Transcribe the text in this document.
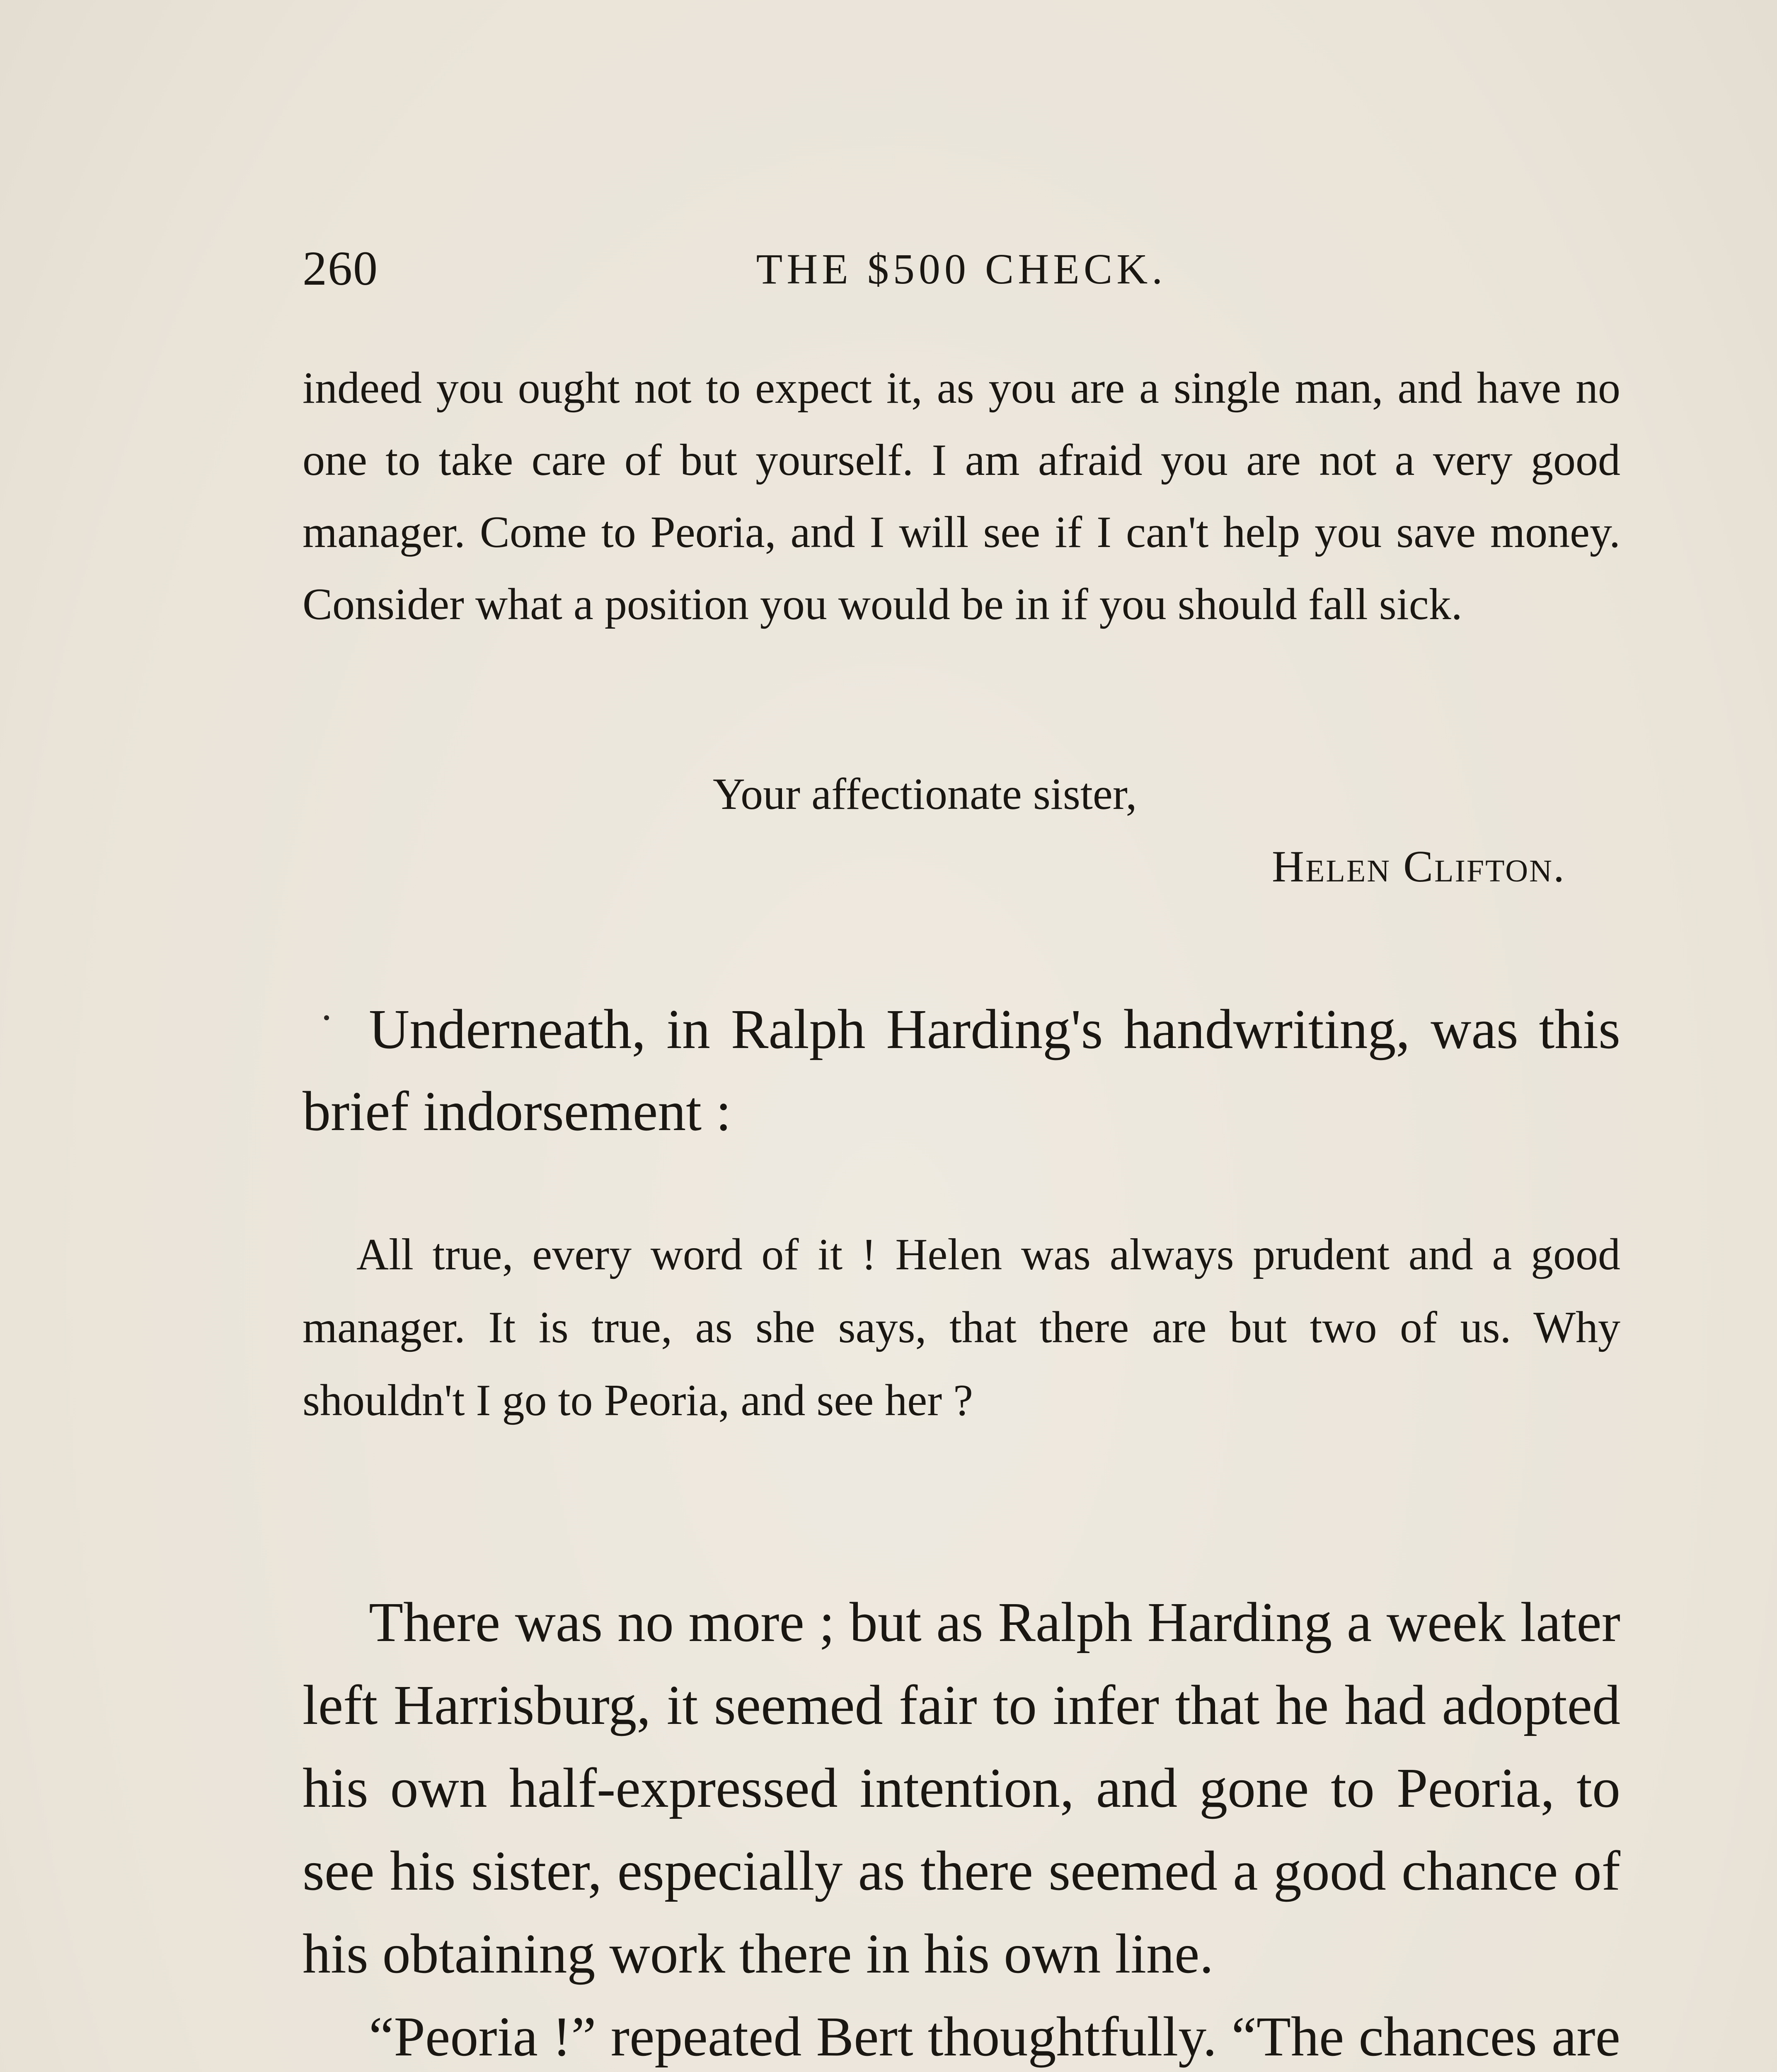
260	THE $500 CHECK.
indeed you ought not to expect it, as you are a single man, and have no one to take care of but yourself. I am afraid you are not a very good manager. Come to Peoria, and I will see if I can't help you save money. Consider what a position you would be in if you should fall sick.
Your affectionate sister,
Helen Clifton.
Underneath, in Ralph Harding's handwriting, was this brief indorsement :
All true, every word of it ! Helen was always prudent and a good manager. It is true, as she says, that there are but two of us. Why shouldn't I go to Peoria, and see her ?

There was no more ; but as Ralph Harding a week later left Harrisburg, it seemed fair to infer that he had adopted his own half-expressed intention, and gone to Peoria, to see his sister, especially as there seemed a good chance of his obtaining work there in his own line.

“Peoria !” repeated Bert thoughtfully. “The chances are
